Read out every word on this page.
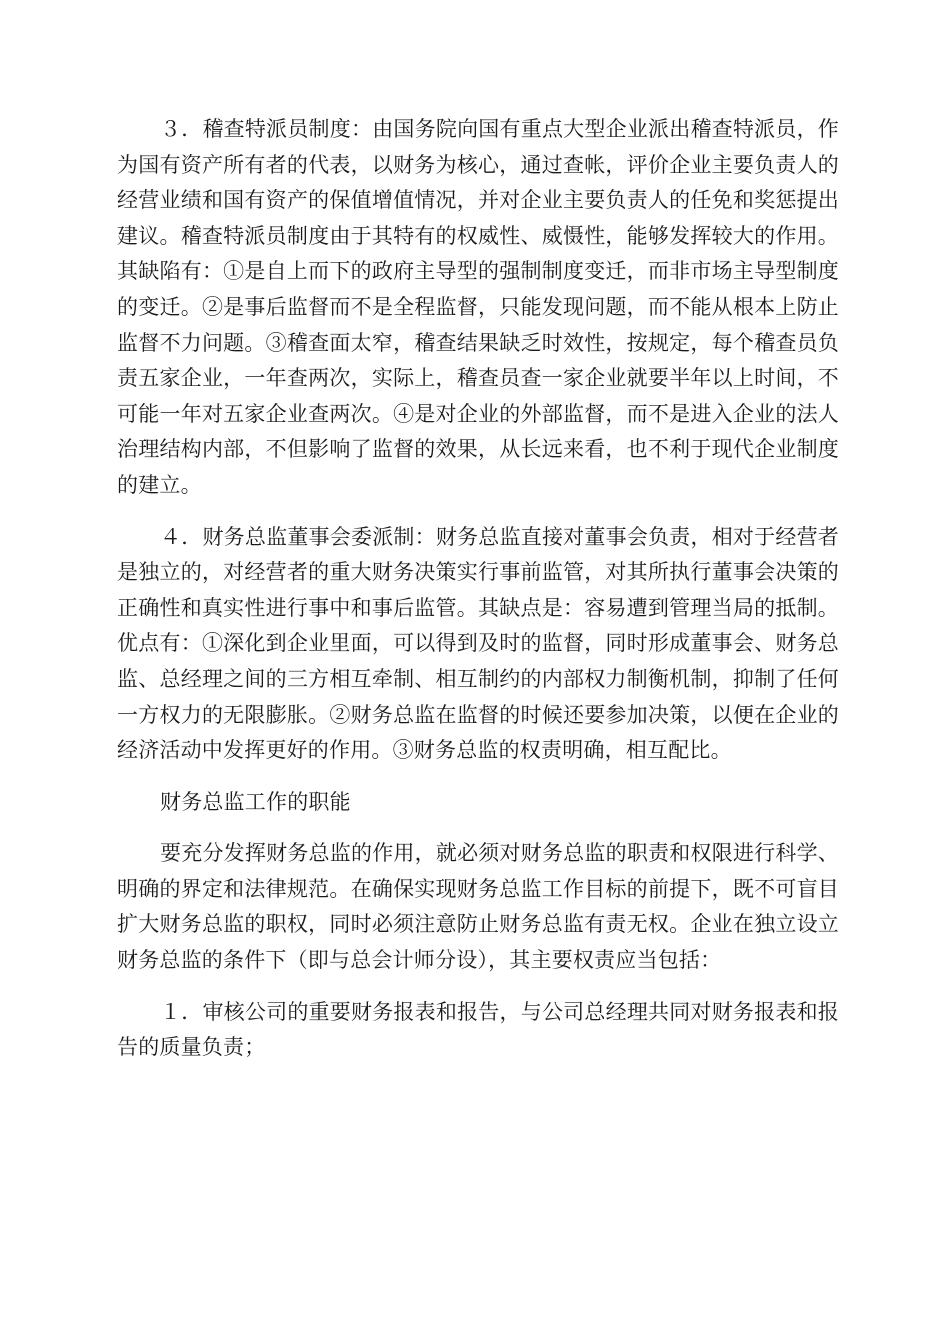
３．稽查特派员制度：由国务院向国有重点大型企业派出稽查特派员，作为国有资产所有者的代表，以财务为核心，通过查帐，评价企业主要负责人的经营业绩和国有资产的保值增值情况，并对企业主要负责人的任免和奖惩提出建议。稽查特派员制度由于其特有的权威性、威慑性，能够发挥较大的作用。其缺陷有：①是自上而下的政府主导型的强制制度变迁，而非市场主导型制度的变迁。②是事后监督而不是全程监督，只能发现问题，而不能从根本上防止监督不力问题。③稽查面太窄，稽查结果缺乏时效性，按规定，每个稽查员负责五家企业，一年查两次，实际上，稽查员查一家企业就要半年以上时间，不可能一年对五家企业查两次。④是对企业的外部监督，而不是进入企业的法人治理结构内部，不但影响了监督的效果，从长远来看，也不利于现代企业制度的建立。

４．财务总监董事会委派制：财务总监直接对董事会负责，相对于经营者是独立的，对经营者的重大财务决策实行事前监管，对其所执行董事会决策的正确性和真实性进行事中和事后监管。其缺点是：容易遭到管理当局的抵制。优点有：①深化到企业里面，可以得到及时的监督，同时形成董事会、财务总监、总经理之间的三方相互牵制、相互制约的内部权力制衡机制，抑制了任何一方权力的无限膨胀。②财务总监在监督的时候还要参加决策，以便在企业的经济活动中发挥更好的作用。③财务总监的权责明确，相互配比。

财务总监工作的职能

要充分发挥财务总监的作用，就必须对财务总监的职责和权限进行科学、明确的界定和法律规范。在确保实现财务总监工作目标的前提下，既不可盲目扩大财务总监的职权，同时必须注意防止财务总监有责无权。企业在独立设立财务总监的条件下（即与总会计师分设），其主要权责应当包括：

１．审核公司的重要财务报表和报告，与公司总经理共同对财务报表和报告的质量负责；
